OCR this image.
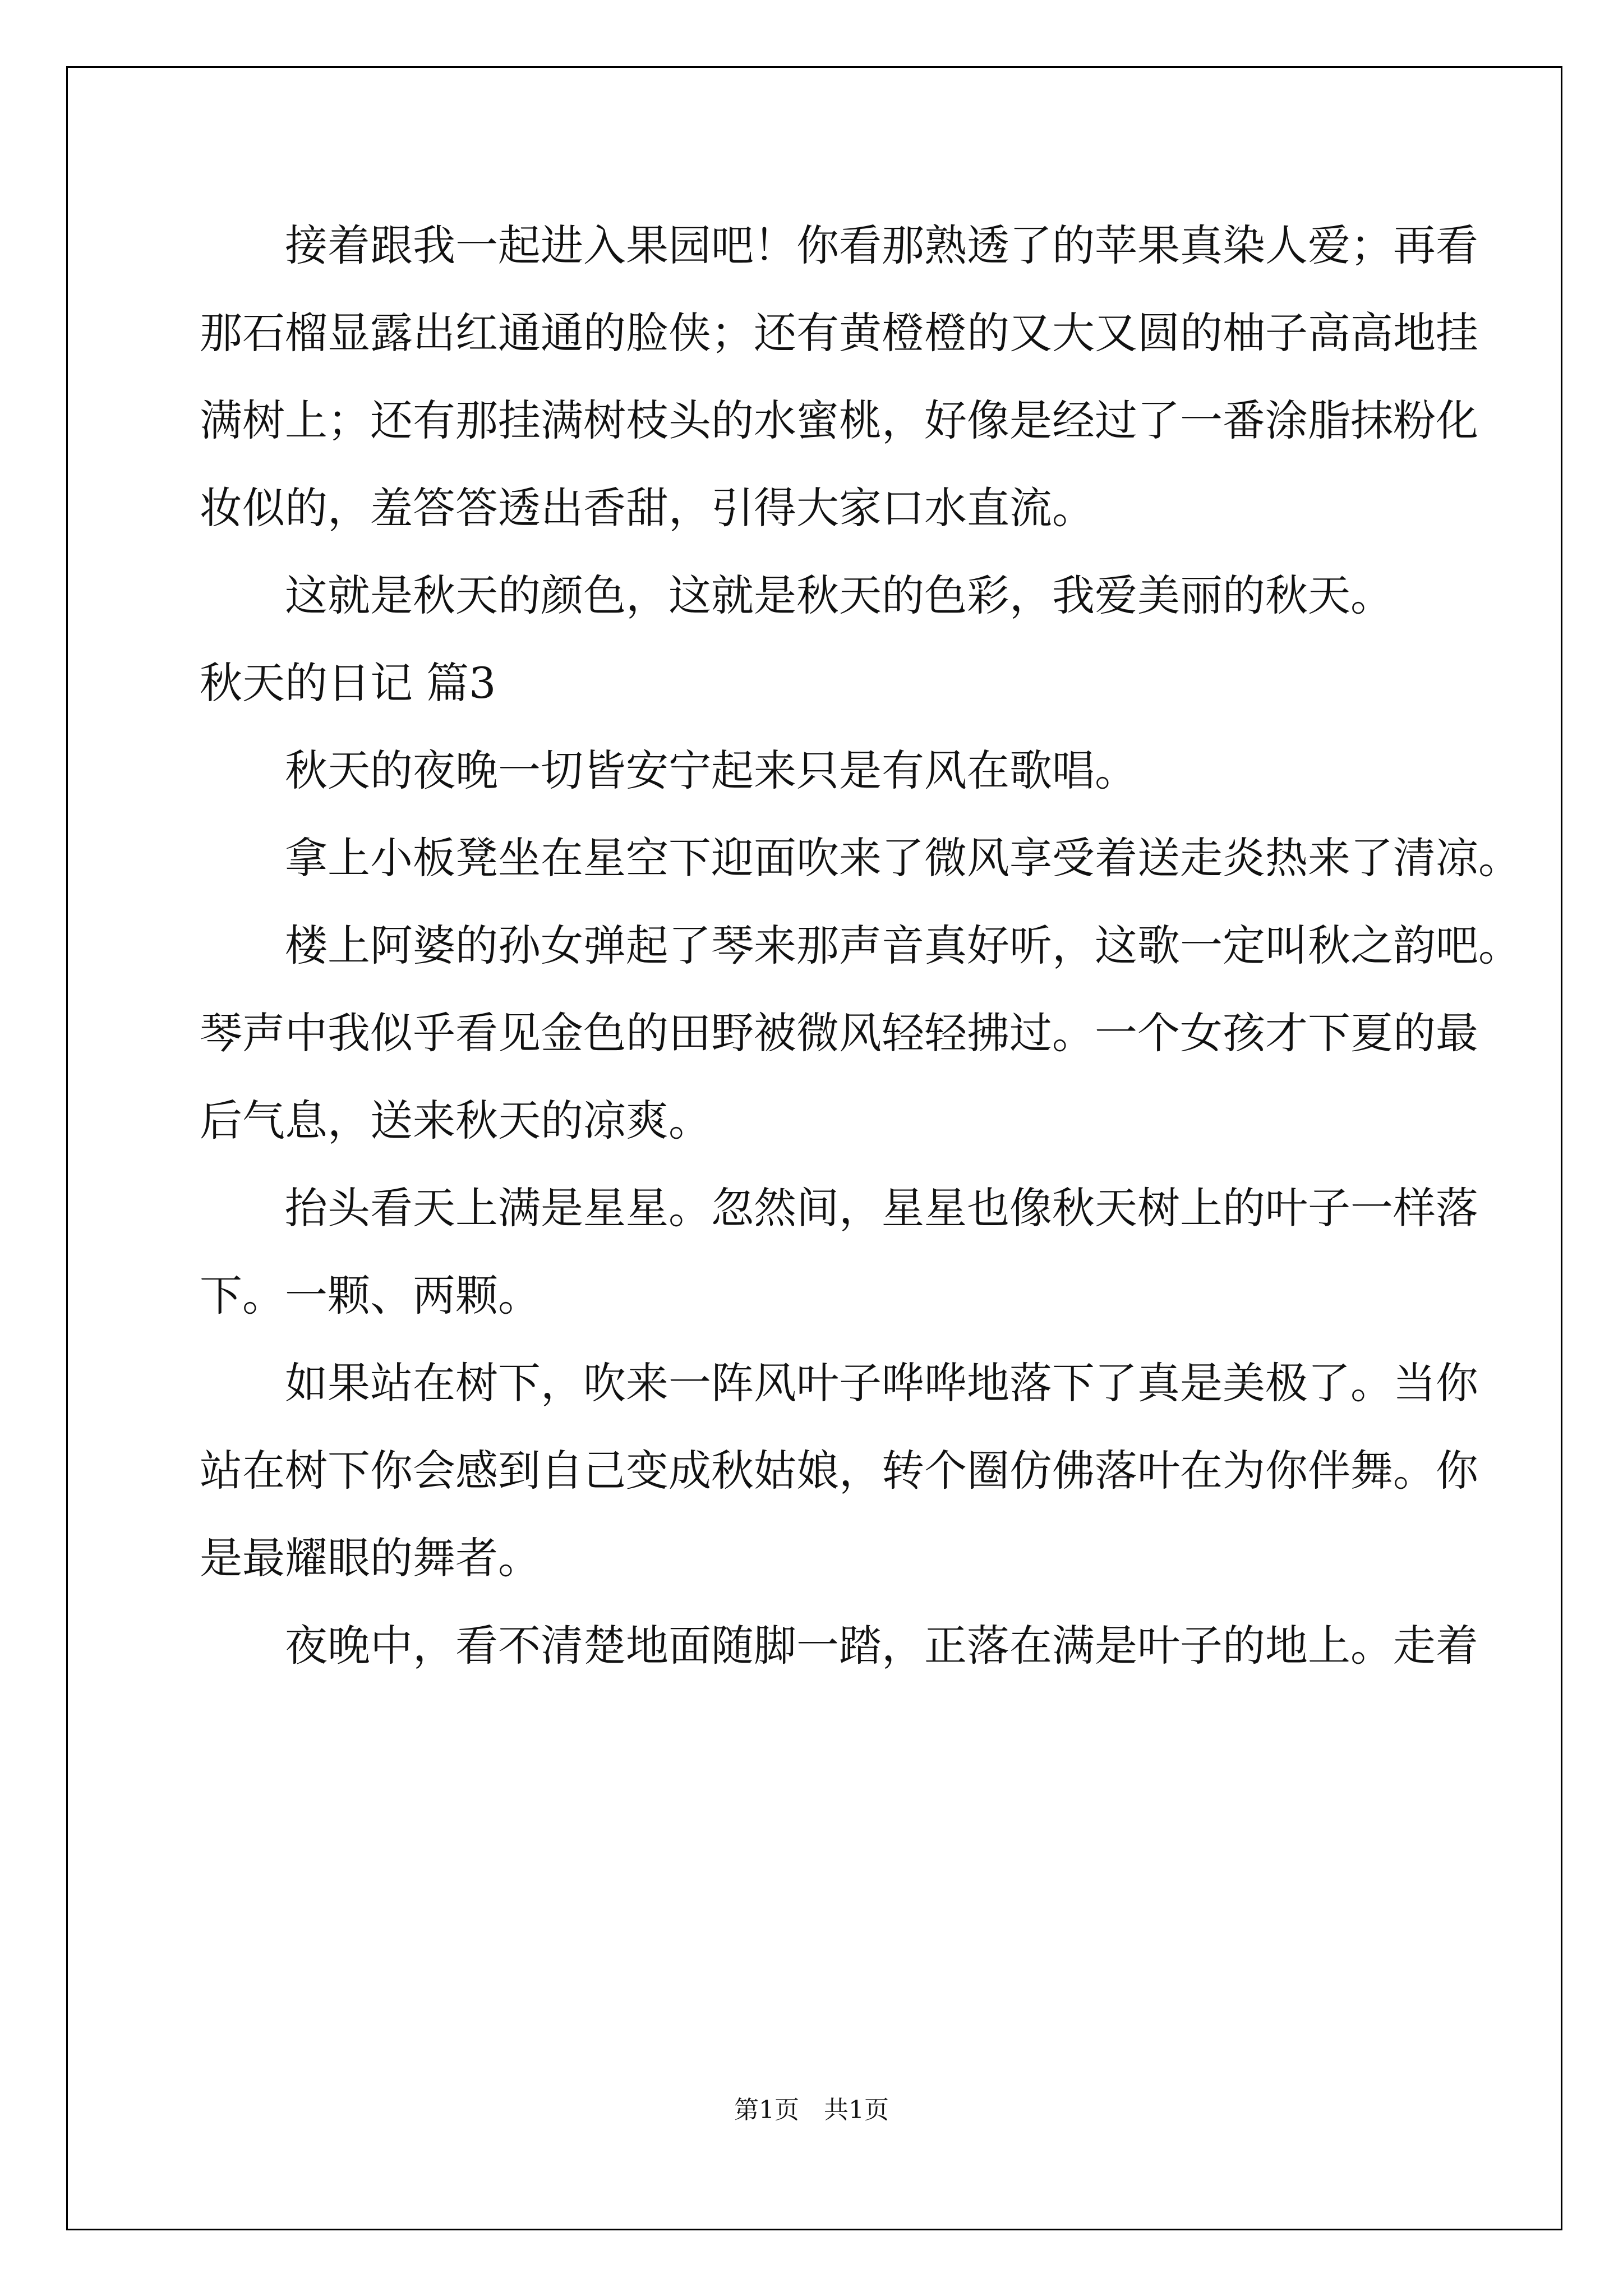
接着跟我一起进入果园吧！你看那熟透了的苹果真染人爱；再看
那石榴显露出红通通的脸侠；还有黄橙橙的又大又圆的柚子高高地挂
满树上；还有那挂满树枝头的水蜜桃，好像是经过了一番涂脂抹粉化
妆似的，羞答答透出香甜，引得大家口水直流。
这就是秋天的颜色，这就是秋天的色彩，我爱美丽的秋天。
秋天的日记 篇3
秋天的夜晚一切皆安宁起来只是有风在歌唱。
拿上小板凳坐在星空下迎面吹来了微风享受着送走炎热来了清凉。
楼上阿婆的孙女弹起了琴来那声音真好听，这歌一定叫秋之韵吧。
琴声中我似乎看见金色的田野被微风轻轻拂过。一个女孩才下夏的最
后气息，送来秋天的凉爽。
抬头看天上满是星星。忽然间，星星也像秋天树上的叶子一样落
下。一颗、两颗。
如果站在树下，吹来一阵风叶子哗哗地落下了真是美极了。当你
站在树下你会感到自己变成秋姑娘，转个圈仿佛落叶在为你伴舞。你
是最耀眼的舞者。
夜晚中，看不清楚地面随脚一踏，正落在满是叶子的地上。走着
第1页　共1页
